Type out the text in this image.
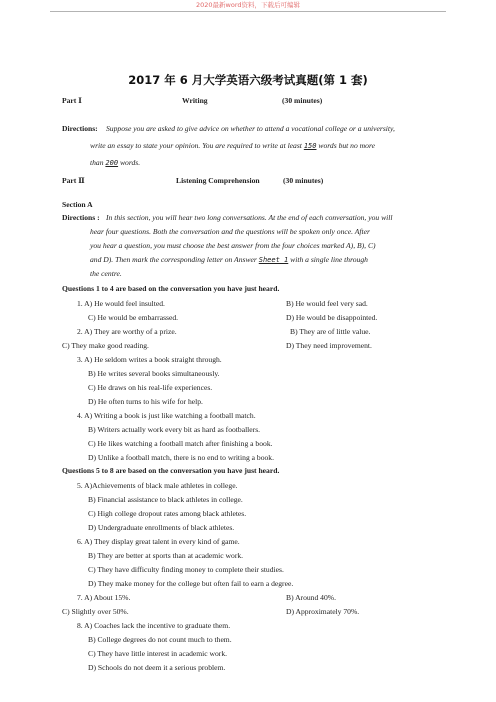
2020最新word资料，下载后可编辑
2017 年 6 月大学英语六级考试真题(第 1 套)
Part Ⅰ	Writing	(30 minutes)
Directions: Suppose you are asked to give advice on whether to attend a vocational college or a university,
write an essay to state your opinion. You are required to write at least 150 words but no more
than 200 words.
Part Ⅱ	Listening Comprehension	(30 minutes)
Section A
Directions : In this section, you will hear two long conversations. At the end of each conversation, you will
hear four questions. Both the conversation and the questions will be spoken only once. After
you hear a question, you must choose the best answer from the four choices marked A), B), C)
and D). Then mark the corresponding letter on Answer Sheet 1 with a single line through
the centre.
Questions 1 to 4 are based on the conversation you have just heard.
1. A) He would feel insulted.	B) He would feel very sad.
C) He would be embarrassed.	D) He would be disappointed.
2. A) They are worthy of a prize.	B) They are of little value.
C) They make good reading.	D) They need improvement.
3. A) He seldom writes a book straight through.
B) He writes several books simultaneously.
C) He draws on his real-life experiences.
D) He often turns to his wife for help.
4. A) Writing a book is just like watching a football match.
B) Writers actually work every bit as hard as footballers.
C) He likes watching a football match after finishing a book.
D) Unlike a football match, there is no end to writing a book.
Questions 5 to 8 are based on the conversation you have just heard.
5. A)Achievements of black male athletes in college.
B) Financial assistance to black athletes in college.
C) High college dropout rates among black athletes.
D) Undergraduate enrollments of black athletes.
6. A) They display great talent in every kind of game.
B) They are better at sports than at academic work.
C) They have difficulty finding money to complete their studies.
D) They make money for the college but often fail to earn a degree.
7. A) About 15%.	B) Around 40%.
C) Slightly over 50%.	D) Approximately 70%.
8. A) Coaches lack the incentive to graduate them.
B) College degrees do not count much to them.
C) They have little interest in academic work.
D) Schools do not deem it a serious problem.
